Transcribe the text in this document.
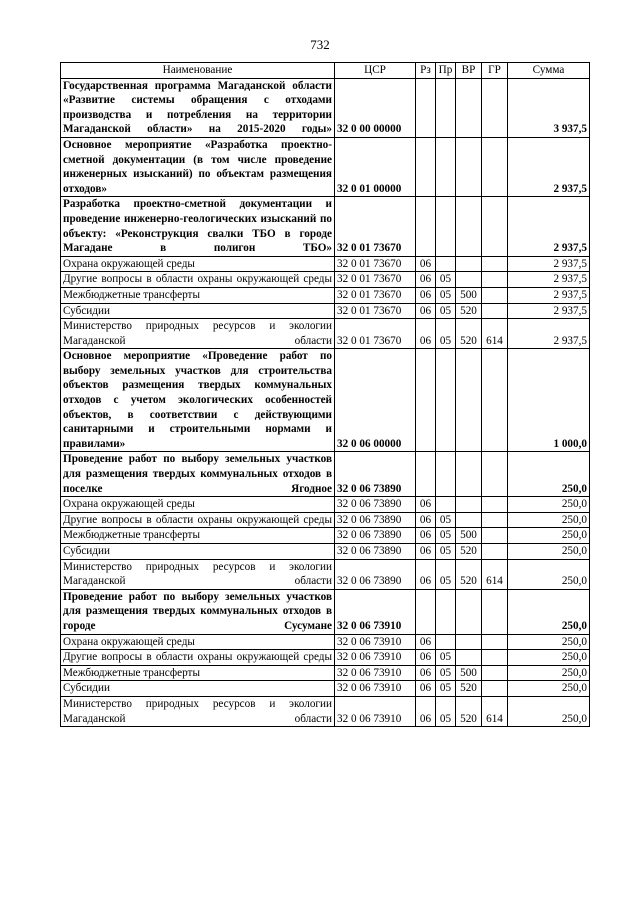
732
Наименование	ЦСР	Рз	Пр	ВР	ГР	Сумма
Государственная программа Магаданской области «Развитие системы обращения с отходами производства и потребления на территории Магаданской области» на 2015-2020 годы»	32 0 00 00000					3 937,5
Основное мероприятие «Разработка проектно-сметной документации (в том числе проведение инженерных изысканий) по объектам размещения отходов»	32 0 01 00000					2 937,5
Разработка проектно-сметной документации и проведение инженерно-геологических изысканий по объекту: «Реконструкция свалки ТБО в городе Магадане в полигон ТБО»	32 0 01 73670					2 937,5
Охрана окружающей среды	32 0 01 73670	06				2 937,5
Другие вопросы в области охраны окружающей среды	32 0 01 73670	06	05			2 937,5
Межбюджетные трансферты	32 0 01 73670	06	05	500		2 937,5
Субсидии	32 0 01 73670	06	05	520		2 937,5
Министерство природных ресурсов и экологии Магаданской области	32 0 01 73670	06	05	520	614	2 937,5
Основное мероприятие «Проведение работ по выбору земельных участков для строительства объектов размещения твердых коммунальных отходов с учетом экологических особенностей объектов, в соответствии с действующими санитарными и строительными нормами и правилами»	32 0 06 00000					1 000,0
Проведение работ по выбору земельных участков для размещения твердых коммунальных отходов в поселке Ягодное	32 0 06 73890					250,0
Охрана окружающей среды	32 0 06 73890	06				250,0
Другие вопросы в области охраны окружающей среды	32 0 06 73890	06	05			250,0
Межбюджетные трансферты	32 0 06 73890	06	05	500		250,0
Субсидии	32 0 06 73890	06	05	520		250,0
Министерство природных ресурсов и экологии Магаданской области	32 0 06 73890	06	05	520	614	250,0
Проведение работ по выбору земельных участков для размещения твердых коммунальных отходов в городе Сусумане	32 0 06 73910					250,0
Охрана окружающей среды	32 0 06 73910	06				250,0
Другие вопросы в области охраны окружающей среды	32 0 06 73910	06	05			250,0
Межбюджетные трансферты	32 0 06 73910	06	05	500		250,0
Субсидии	32 0 06 73910	06	05	520		250,0
Министерство природных ресурсов и экологии Магаданской области	32 0 06 73910	06	05	520	614	250,0
